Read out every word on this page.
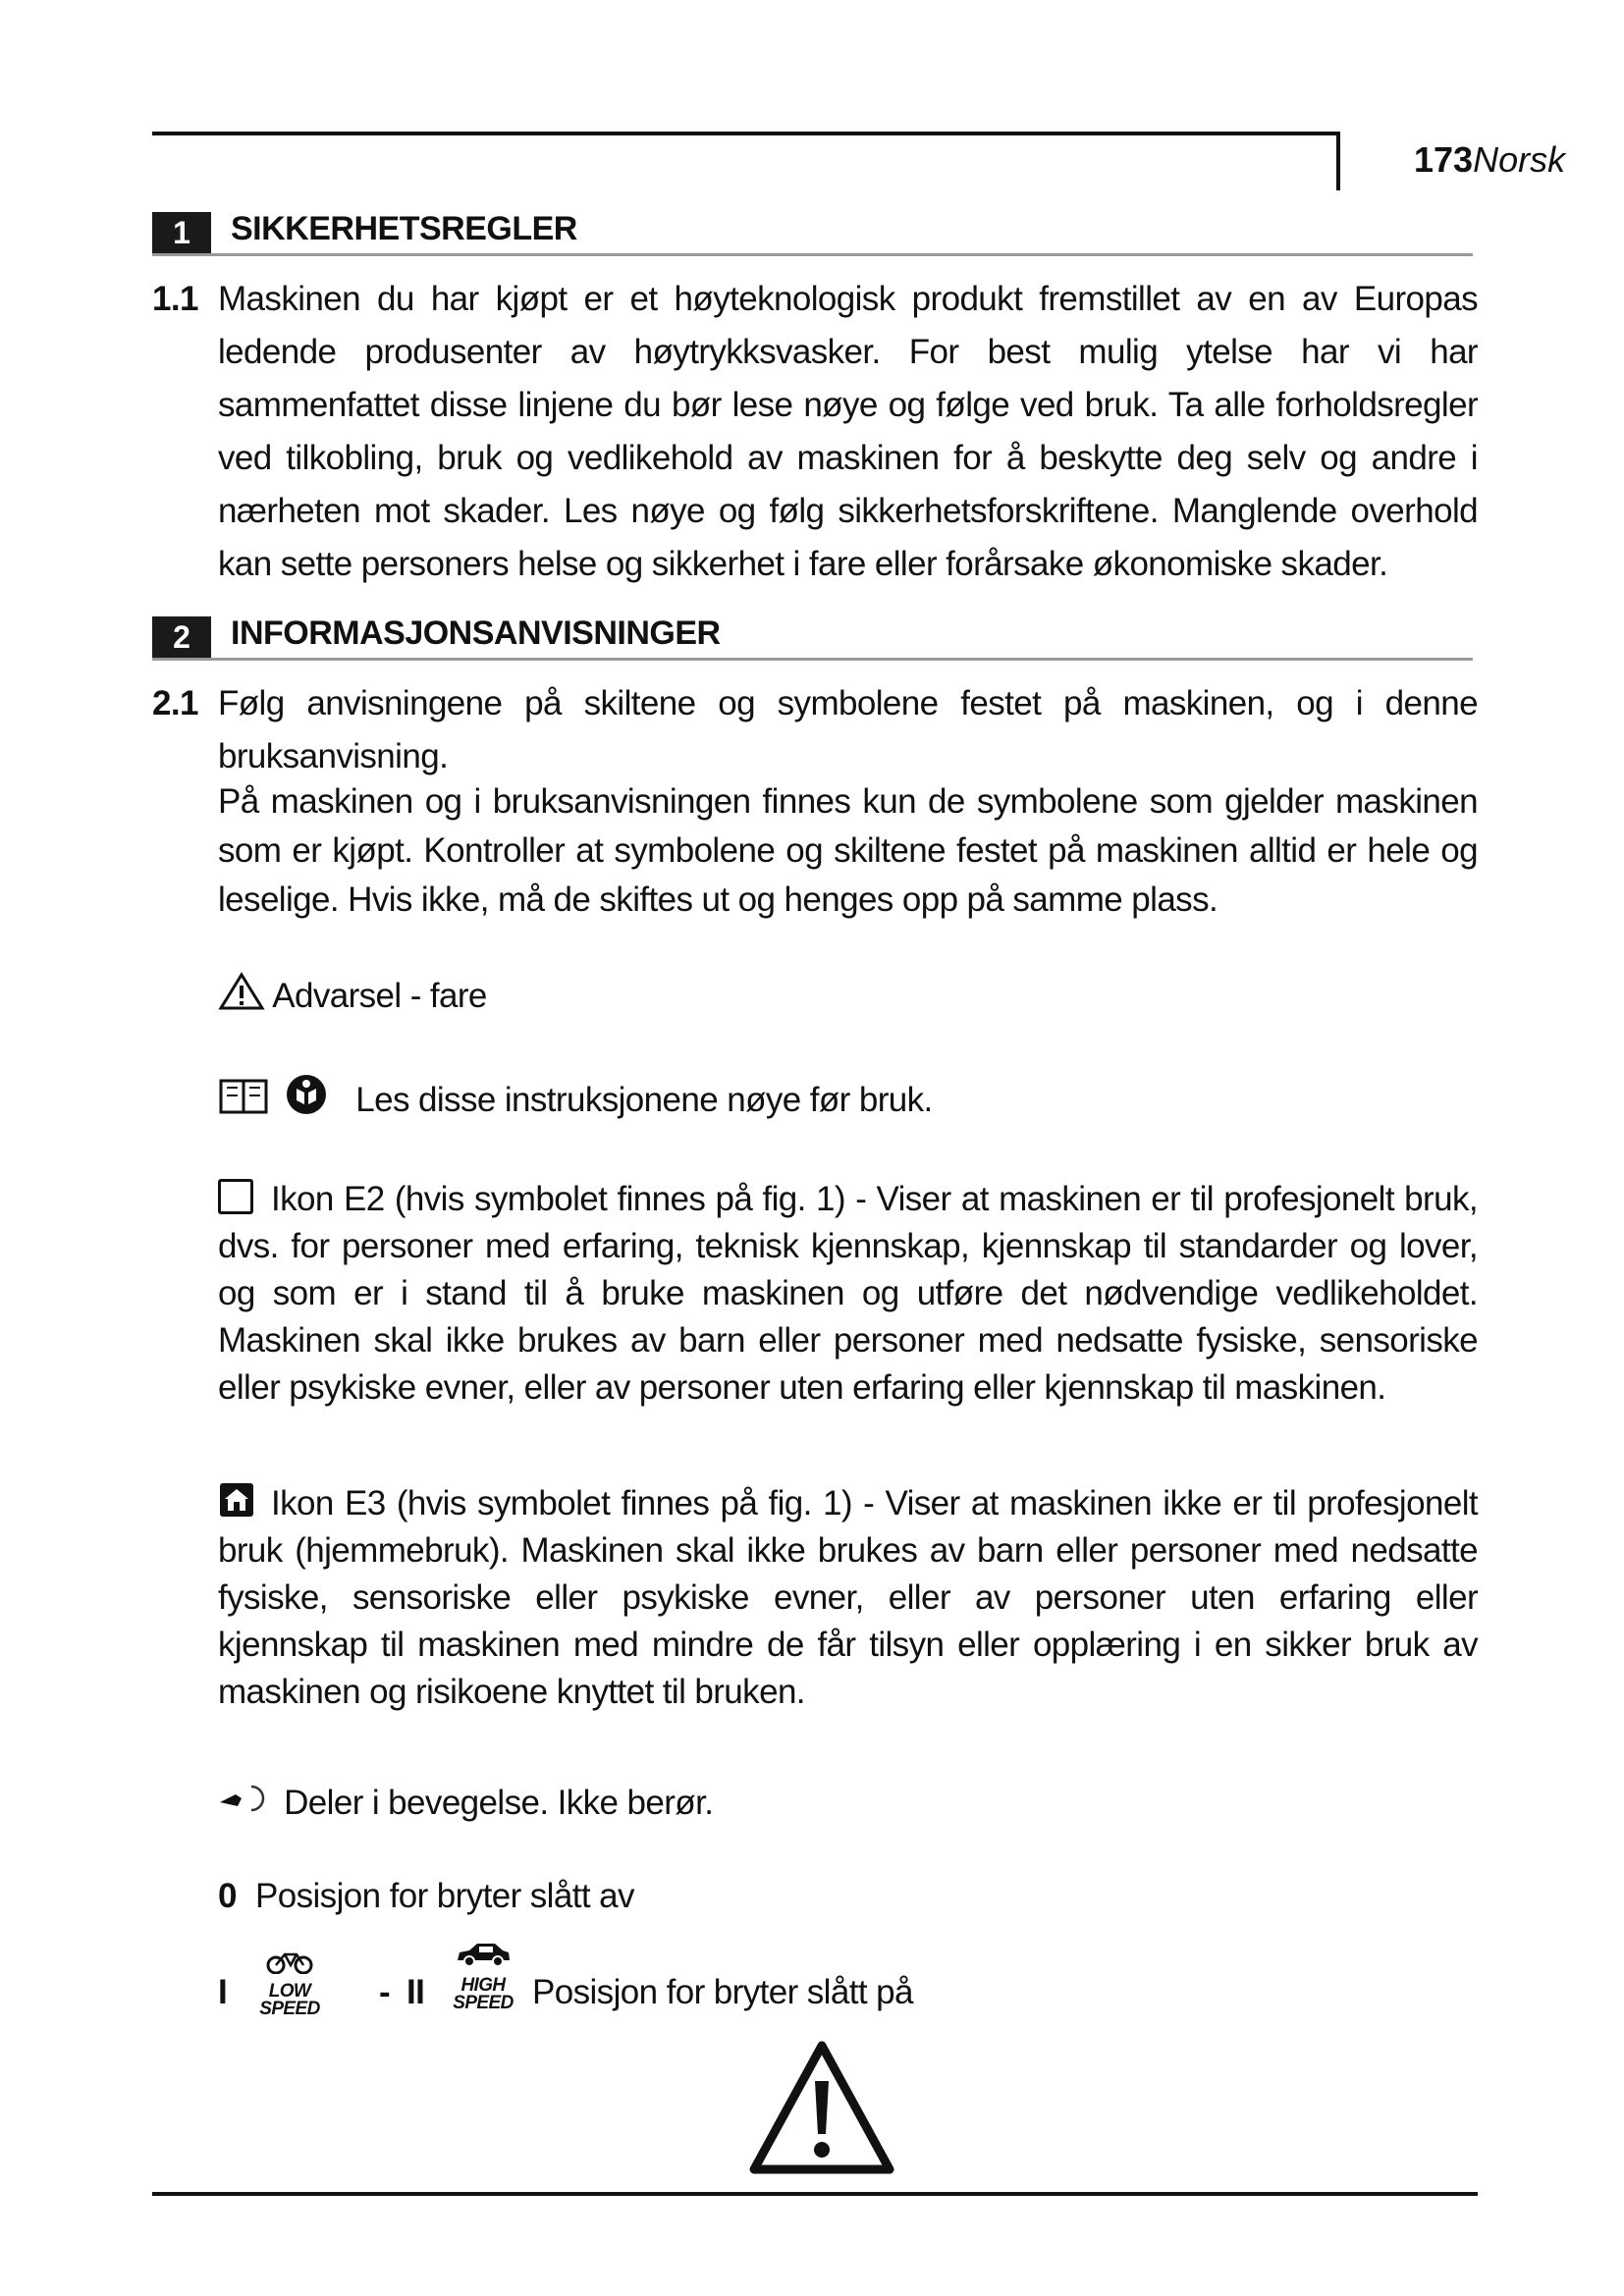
173Norsk
1	SIKKERHETSREGLER
1.1 Maskinen du har kjøpt er et høyteknologisk produkt fremstillet av en av Europas ledende produsenter av høytrykksvasker. For best mulig ytelse har vi har sammenfattet disse linjene du bør lese nøye og følge ved bruk. Ta alle forholdsregler ved tilkobling, bruk og vedlikehold av maskinen for å beskytte deg selv og andre i nærheten mot skader. Les nøye og følg sikkerhetsforskriftene. Manglende overhold kan sette personers helse og sikkerhet i fare eller forårsake økonomiske skader.
2	INFORMASJONSANVISNINGER
2.1 Følg anvisningene på skiltene og symbolene festet på maskinen, og i denne bruksanvisning.
På maskinen og i bruksanvisningen finnes kun de symbolene som gjelder maskinen som er kjøpt. Kontroller at symbolene og skiltene festet på maskinen alltid er hele og leselige. Hvis ikke, må de skiftes ut og henges opp på samme plass.
Advarsel - fare
Les disse instruksjonene nøye før bruk.
Ikon E2 (hvis symbolet finnes på fig. 1) - Viser at maskinen er til profesjonelt bruk, dvs. for personer med erfaring, teknisk kjennskap, kjennskap til standarder og lover, og som er i stand til å bruke maskinen og utføre det nødvendige vedlikeholdet. Maskinen skal ikke brukes av barn eller personer med nedsatte fysiske, sensoriske eller psykiske evner, eller av personer uten erfaring eller kjennskap til maskinen.
Ikon E3 (hvis symbolet finnes på fig. 1) - Viser at maskinen ikke er til profesjonelt bruk (hjemmebruk). Maskinen skal ikke brukes av barn eller personer med nedsatte fysiske, sensoriske eller psykiske evner, eller av personer uten erfaring eller kjennskap til maskinen med mindre de får tilsyn eller opplæring i en sikker bruk av maskinen og risikoene knyttet til bruken.
Deler i bevegelse. Ikke berør.
0 Posisjon for bryter slått av
I	LOW
SPEED - II	HIGH
SPEED Posisjon for bryter slått på
